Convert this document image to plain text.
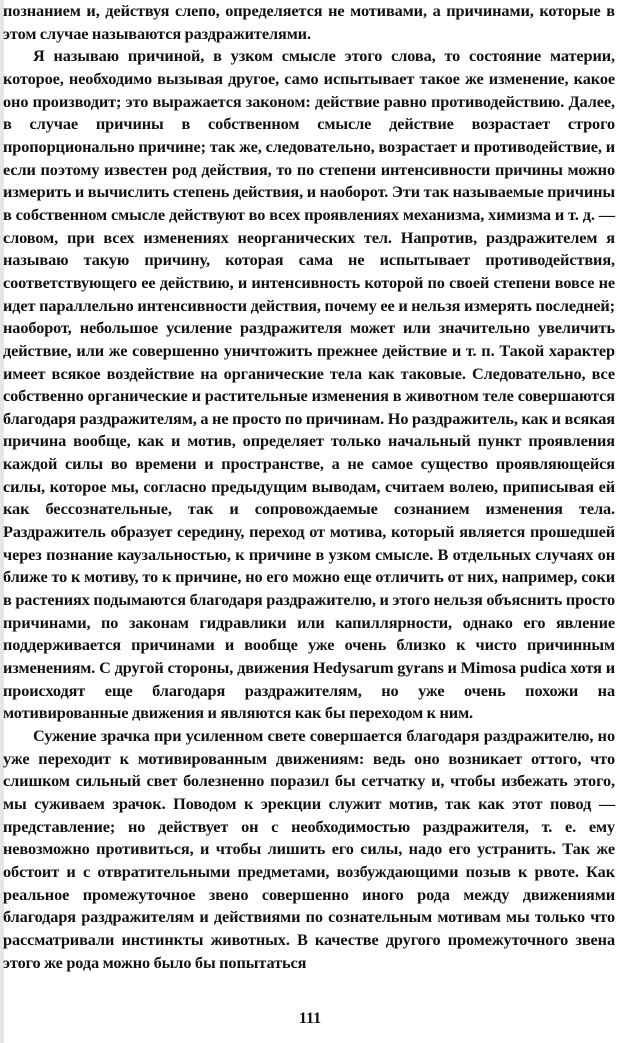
познанием и, действуя слепо, определяется не мотивами, а причинами, которые в этом случае называются раздражителями.

Я называю причиной, в узком смысле этого слова, то состояние материи, которое, необходимо вызывая другое, само испытывает такое же изменение, какое оно производит; это выражается законом: действие равно противодействию. Далее, в случае причины в собственном смысле действие возрастает строго пропорционально причине; так же, следовательно, возрастает и противодействие, и если поэтому известен род действия, то по степени интенсивности причины можно измерить и вычислить степень действия, и наоборот. Эти так называемые причины в собственном смысле действуют во всех проявлениях механизма, химизма и т. д. — словом, при всех изменениях неорганических тел. Напротив, раздражителем я называю такую причину, которая сама не испытывает противодействия, соответствующего ее действию, и интенсивность которой по своей степени вовсе не идет параллельно интенсивности действия, почему ее и нельзя измерять последней; наоборот, небольшое усиление раздражителя может или значительно увеличить действие, или же совершенно уничтожить прежнее действие и т. п. Такой характер имеет всякое воздействие на органические тела как таковые. Следовательно, все собственно органические и растительные изменения в животном теле совершаются благодаря раздражителям, а не просто по причинам. Но раздражитель, как и всякая причина вообще, как и мотив, определяет только начальный пункт проявления каждой силы во времени и пространстве, а не самое существо проявляющейся силы, которое мы, согласно предыдущим выводам, считаем волею, приписывая ей как бессознательные, так и сопровождаемые сознанием изменения тела. Раздражитель образует середину, переход от мотива, который является прошедшей через познание каузальностью, к причине в узком смысле. В отдельных случаях он ближе то к мотиву, то к причине, но его можно еще отличить от них, например, соки в растениях подымаются благодаря раздражителю, и этого нельзя объяснить просто причинами, по законам гидравлики или капиллярности, однако его явление поддерживается причинами и вообще уже очень близко к чисто причинным изменениям. С другой стороны, движения Hedysarum gyrans и Mimosa pudica хотя и происходят еще благодаря раздражителям, но уже очень похожи на мотивированные движения и являются как бы переходом к ним.

Сужение зрачка при усиленном свете совершается благодаря раздражителю, но уже переходит к мотивированным движениям: ведь оно возникает оттого, что слишком сильный свет болезненно поразил бы сетчатку и, чтобы избежать этого, мы суживаем зрачок. Поводом к эрекции служит мотив, так как этот повод — представление; но действует он с необходимостью раздражителя, т. е. ему невозможно противиться, и чтобы лишить его силы, надо его устранить. Так же обстоит и с отвратительными предметами, возбуждающими позыв к рвоте. Как реальное промежуточное звено совершенно иного рода между движениями благодаря раздражителям и действиями по сознательным мотивам мы только что рассматривали инстинкты животных. В качестве другого промежуточного звена этого же рода можно было бы попытаться

111
